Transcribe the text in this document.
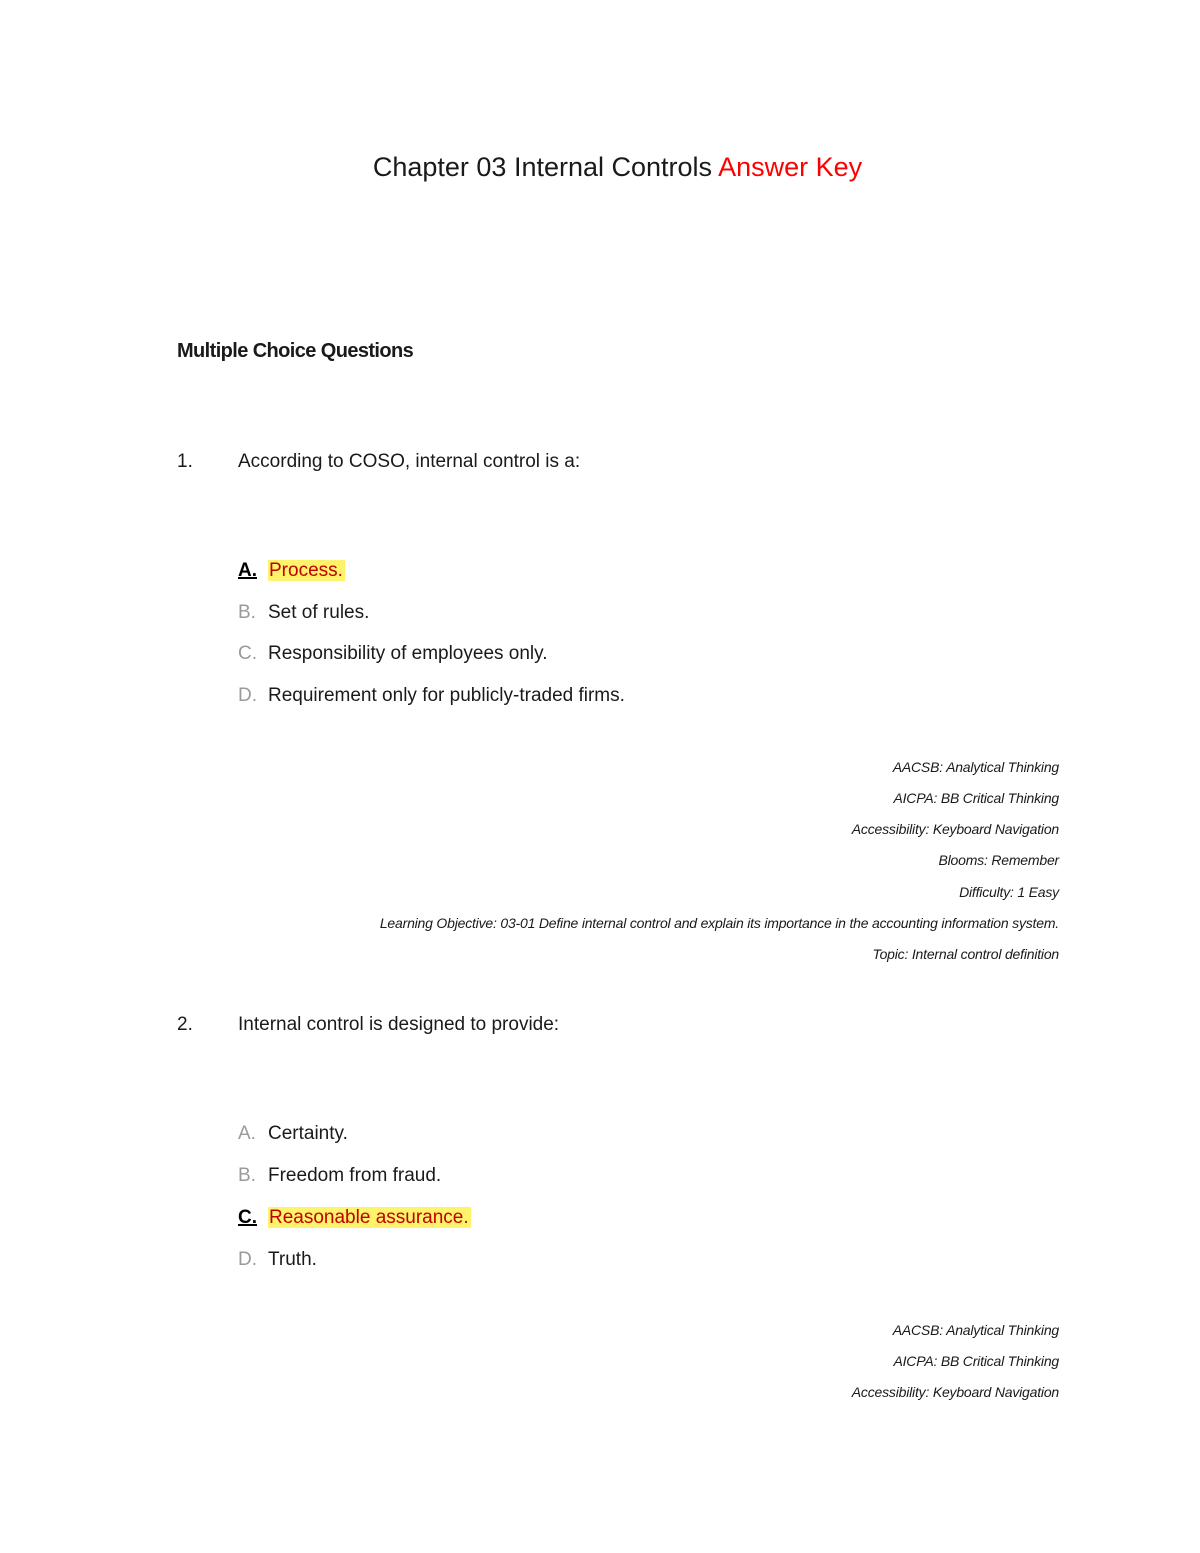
Chapter 03 Internal Controls Answer Key
Multiple Choice Questions
1. According to COSO, internal control is a:
A. Process.
B. Set of rules.
C. Responsibility of employees only.
D. Requirement only for publicly-traded firms.
AACSB: Analytical Thinking
AICPA: BB Critical Thinking
Accessibility: Keyboard Navigation
Blooms: Remember
Difficulty: 1 Easy
Learning Objective: 03-01 Define internal control and explain its importance in the accounting information system.
Topic: Internal control definition
2. Internal control is designed to provide:
A. Certainty.
B. Freedom from fraud.
C. Reasonable assurance.
D. Truth.
AACSB: Analytical Thinking
AICPA: BB Critical Thinking
Accessibility: Keyboard Navigation
